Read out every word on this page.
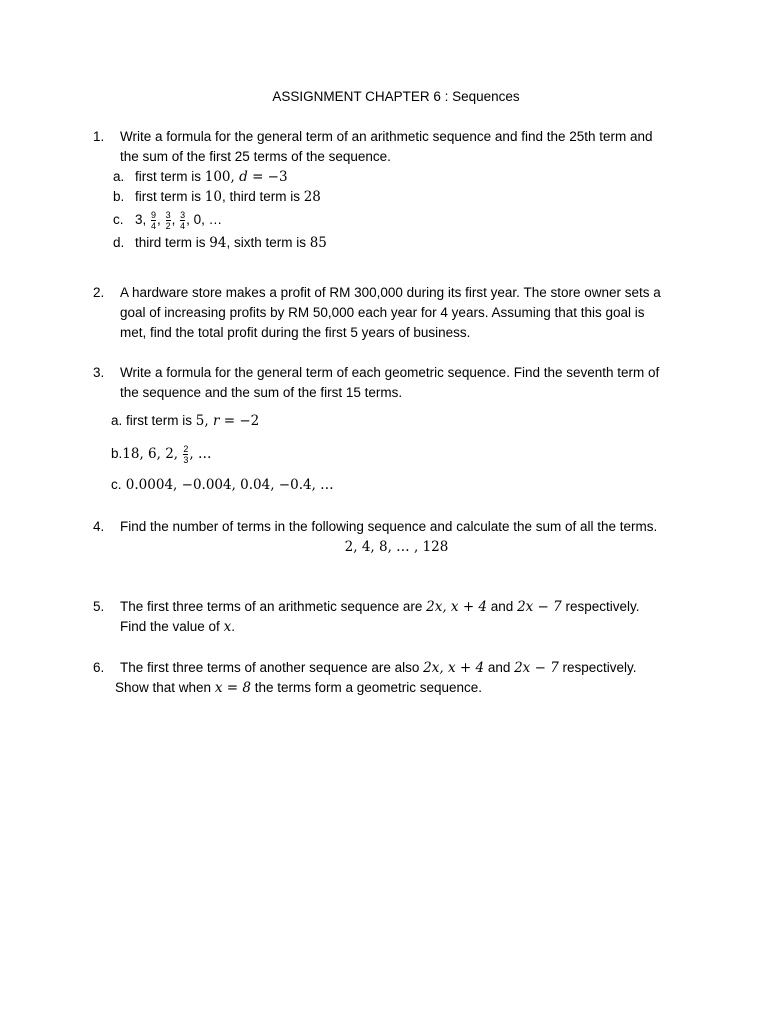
ASSIGNMENT CHAPTER 6 : Sequences
1. Write a formula for the general term of an arithmetic sequence and find the 25th term and the sum of the first 25 terms of the sequence.
a. first term is 100, d = −3
b. first term is 10, third term is 28
c. 3, $\frac{9}{4}$ , $\frac{3}{2}$ , $\frac{3}{4}$ , 0, …
d. third term is 94, sixth term is 85
2. A hardware store makes a profit of RM 300,000 during its first year. The store owner sets a goal of increasing profits by RM 50,000 each year for 4 years. Assuming that this goal is met, find the total profit during the first 5 years of business.
3. Write a formula for the general term of each geometric sequence. Find the seventh term of the sequence and the sum of the first 15 terms.
a. first term is 5, r = −2
b.18, 6, 2, $\frac{2}{3}$ , …
c. 0.0004, −0.004, 0.04, −0.4, …
4. Find the number of terms in the following sequence and calculate the sum of all the terms.
2, 4, 8, … , 128
5. The first three terms of an arithmetic sequence are 2x, x + 4 and 2x − 7 respectively.
Find the value of x.
6. The first three terms of another sequence are also 2x, x + 4 and 2x − 7 respectively.
Show that when x = 8 the terms form a geometric sequence.
